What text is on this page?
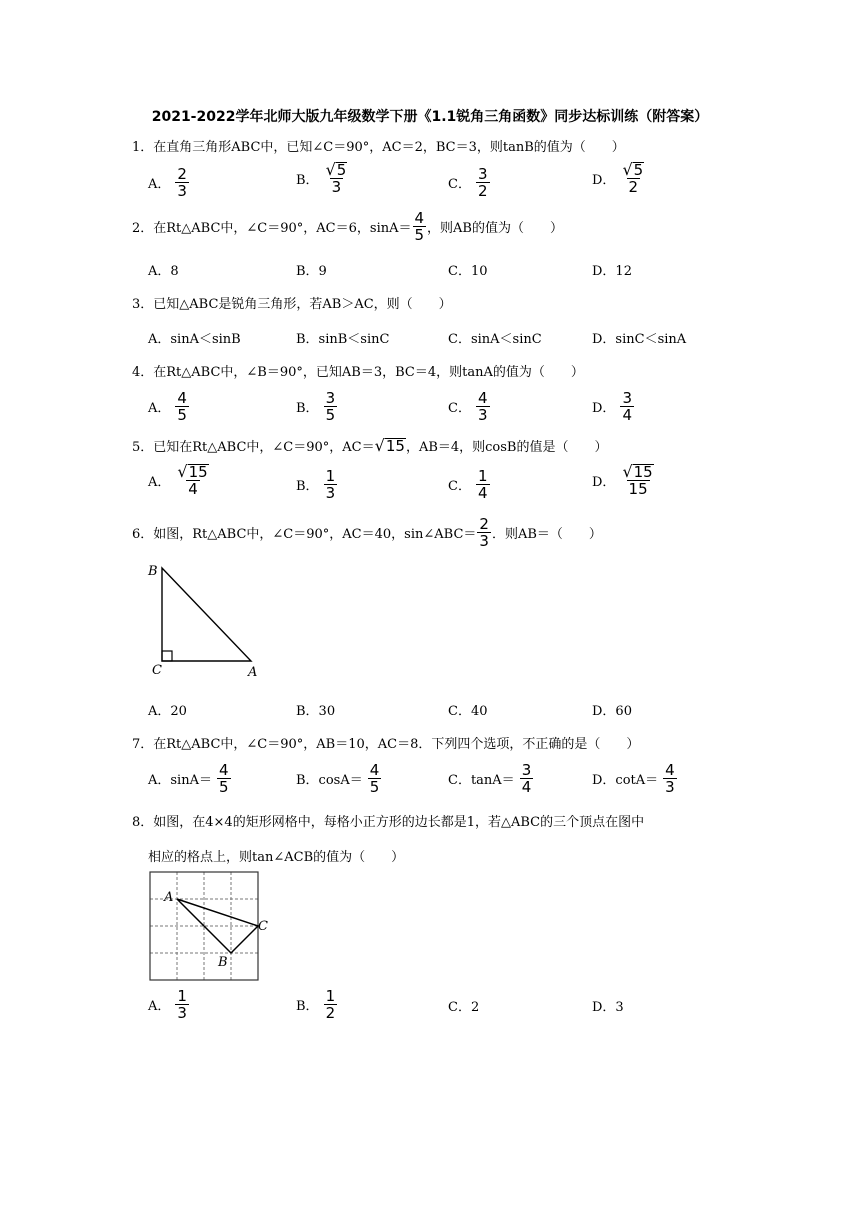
2021-2022学年北师大版九年级数学下册《1.1锐角三角函数》同步达标训练（附答案）
1．在直角三角形ABC中，已知∠C＝90°，AC＝2，BC＝3，则tanB的值为（　　）
A． $\frac{2}{3}$	B． $\frac{√ 5}{3}$	C． $\frac{3}{2}$	D． $\frac{√ 5}{2}$
2．在Rt△ABC中，∠C＝90°，AC＝6，$\sin A= \frac{4}{5}$ ，则AB的值为（　　）
A．8	B．9	C．10	D．12
3．已知△ABC是锐角三角形，若AB＞AC，则（　　）
A．sinA＜sinB	B．sinB＜sinC	C．sinA＜sinC	D．sinC＜sinA
4．在Rt△ABC中，∠B＝90°，已知AB＝3，BC＝4，则tanA的值为（　　）
A． $\frac{4}{5}$	B． $\frac{3}{5}$	C． $\frac{4}{3}$	D． $\frac{3}{4}$
5．已知在Rt△ABC中，∠C＝90°，AC＝ √ 15 ，AB＝4，则cosB的值是（　　）
A． $\frac{√ 15}{4}$	B． $\frac{1}{3}$	C． $\frac{1}{4}$	D． $\frac{√ 15}{15}$
6．如图，Rt△ABC中，∠C＝90°，AC＝40，sin∠ABC＝ $\frac{2}{3}$ ．则AB＝（　　）
B
C	A
A．20	B．30	C．40	D．60
7．在Rt△ABC中，∠C＝90°，AB＝10，AC＝8．下列四个选项，不正确的是（　　）
A．$\sin A= \frac{4}{5}$	B．$\cos A= \frac{4}{5}$	C．$\tan A= \frac{3}{4}$	D．$\cot A= \frac{4}{3}$
8．如图，在4×4的矩形网格中，每格小正方形的边长都是1，若△ABC的三个顶点在图中
相应的格点上，则tan∠ACB的值为（　　）
A
C
B
A． $\frac{1}{3}$	B． $\frac{1}{2}$	C．2	D．3
